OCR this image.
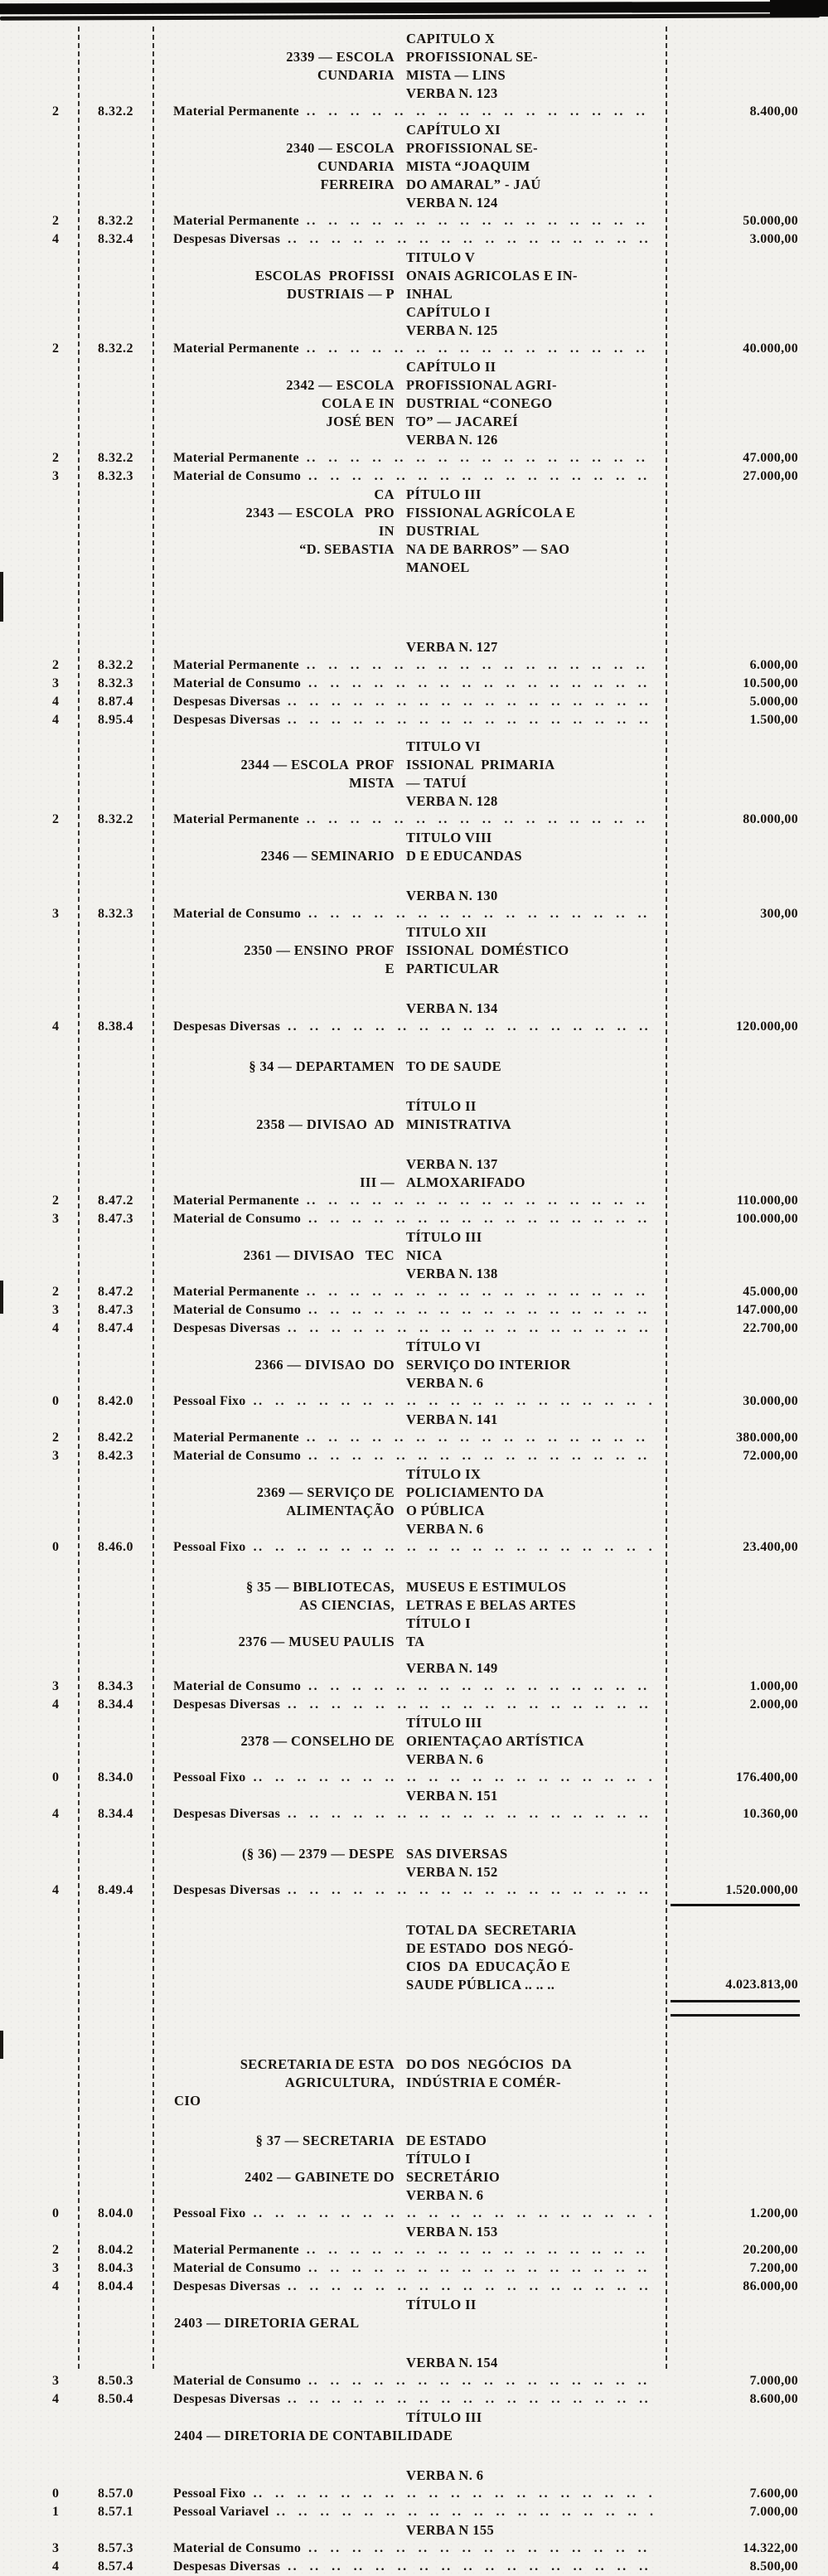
CAPITULO X
2339 — ESCOLA PROFISSIONAL SE-
CUNDARIA MISTA — LINS
VERBA N. 123
2	8.32.2	Material Permanente .. ..	8.400,00
CAPÍTULO XI
2340 — ESCOLA PROFISSIONAL SE-
CUNDARIA MISTA “JOAQUIM
FERREIRA DO AMARAL” - JAÚ
VERBA N. 124
2	8.32.2	Material Permanente .. ..	50.000,00
4	8.32.4	Despesas Diversas .. ..	3.000,00
TITULO V
ESCOLAS  PROFISSI ONAIS AGRICOLAS E IN-
DUSTRIAIS — P INHAL
CAPÍTULO I
VERBA N. 125
2	8.32.2	Material Permanente .. ..	40.000,00
CAPÍTULO II
2342 — ESCOLA PROFISSIONAL AGRI-
COLA E IN DUSTRIAL “CONEGO
JOSÉ BEN TO” — JACAREÍ
VERBA N. 126
2	8.32.2	Material Permanente .. ..	47.000,00
3	8.32.3	Material de Consumo .. ..	27.000,00
CA PÍTULO III
2343 — ESCOLA   PRO FISSIONAL AGRÍCOLA E
IN DUSTRIAL
“D. SEBASTIA NA DE BARROS” — SAO
MANOEL
VERBA N. 127
2	8.32.2	Material Permanente .. ..	6.000,00
3	8.32.3	Material de Consumo .. ..	10.500,00
4	8.87.4	Despesas Diversas .. ..	5.000,00
4	8.95.4	Despesas Diversas .. ..	1.500,00
TITULO VI
2344 — ESCOLA  PROF ISSIONAL  PRIMARIA
MISTA — TATUÍ
VERBA N. 128
2	8.32.2	Material Permanente .. ..	80.000,00
TITULO VIII
2346 — SEMINARIO D E EDUCANDAS
VERBA N. 130
3	8.32.3	Material de Consumo .. ..	300,00
TITULO XII
2350 — ENSINO  PROF ISSIONAL  DOMÉSTICO
E PARTICULAR
VERBA N. 134
4	8.38.4	Despesas Diversas .. ..	120.000,00
§ 34 — DEPARTAMEN TO DE SAUDE
TÍTULO II
2358 — DIVISAO  AD MINISTRATIVA
VERBA N. 137
III — ALMOXARIFADO
2	8.47.2	Material Permanente .. ..	110.000,00
3	8.47.3	Material de Consumo .. ..	100.000,00
TÍTULO III
2361 — DIVISAO   TEC NICA
VERBA N. 138
2	8.47.2	Material Permanente .. ..	45.000,00
3	8.47.3	Material de Consumo .. ..	147.000,00
4	8.47.4	Despesas Diversas .. ..	22.700,00
TÍTULO VI
2366 — DIVISAO  DO SERVIÇO DO INTERIOR
VERBA N. 6
0	8.42.0	Pessoal Fixo .. ..	30.000,00
VERBA N. 141
2	8.42.2	Material Permanente .. ..	380.000,00
3	8.42.3	Material de Consumo .. ..	72.000,00
TÍTULO IX
2369 — SERVIÇO DE POLICIAMENTO DA
ALIMENTAÇÃO O PÚBLICA
VERBA N. 6
0	8.46.0	Pessoal Fixo .. ..	23.400,00
§ 35 — BIBLIOTECAS, MUSEUS E ESTIMULOS
AS CIENCIAS, LETRAS E BELAS ARTES
TÍTULO I
2376 — MUSEU PAULIS TA
VERBA N. 149
3	8.34.3	Material de Consumo .. ..	1.000,00
4	8.34.4	Despesas Diversas .. ..	2.000,00
TÍTULO III
2378 — CONSELHO DE ORIENTAÇAO ARTÍSTICA
VERBA N. 6
0	8.34.0	Pessoal Fixo .. ..	176.400,00
VERBA N. 151
4	8.34.4	Despesas Diversas .. ..	10.360,00
(§ 36) — 2379 — DESPE SAS DIVERSAS
VERBA N. 152
4	8.49.4	Despesas Diversas .. ..	1.520.000,00
TOTAL DA  SECRETARIA
DE ESTADO  DOS NEGÓ-
CIOS  DA  EDUCAÇÃO E
SAUDE PÚBLICA .. .. ..	4.023.813,00
SECRETARIA DE ESTA DO DOS  NEGÓCIOS  DA
AGRICULTURA, INDÚSTRIA E COMÉR-
CIO
§ 37 — SECRETARIA DE ESTADO
TÍTULO I
2402 — GABINETE DO SECRETÁRIO
VERBA N. 6
0	8.04.0	Pessoal Fixo .. ..	1.200,00
VERBA N. 153
2	8.04.2	Material Permanente .. ..	20.200,00
3	8.04.3	Material de Consumo .. ..	7.200,00
4	8.04.4	Despesas Diversas .. ..	86.000,00
TÍTULO II
2403 — DIRETORIA GERAL
VERBA N. 154
3	8.50.3	Material de Consumo .. ..	7.000,00
4	8.50.4	Despesas Diversas .. ..	8.600,00
TÍTULO III
2404 — DIRETORIA DE CONTABILIDADE
VERBA N. 6
0	8.57.0	Pessoal Fixo .. ..	7.600,00
1	8.57.1	Pessoal Variavel .. ..	7.000,00
VERBA N 155
3	8.57.3	Material de Consumo .. ..	14.322,00
4	8.57.4	Despesas Diversas .. ..	8.500,00
